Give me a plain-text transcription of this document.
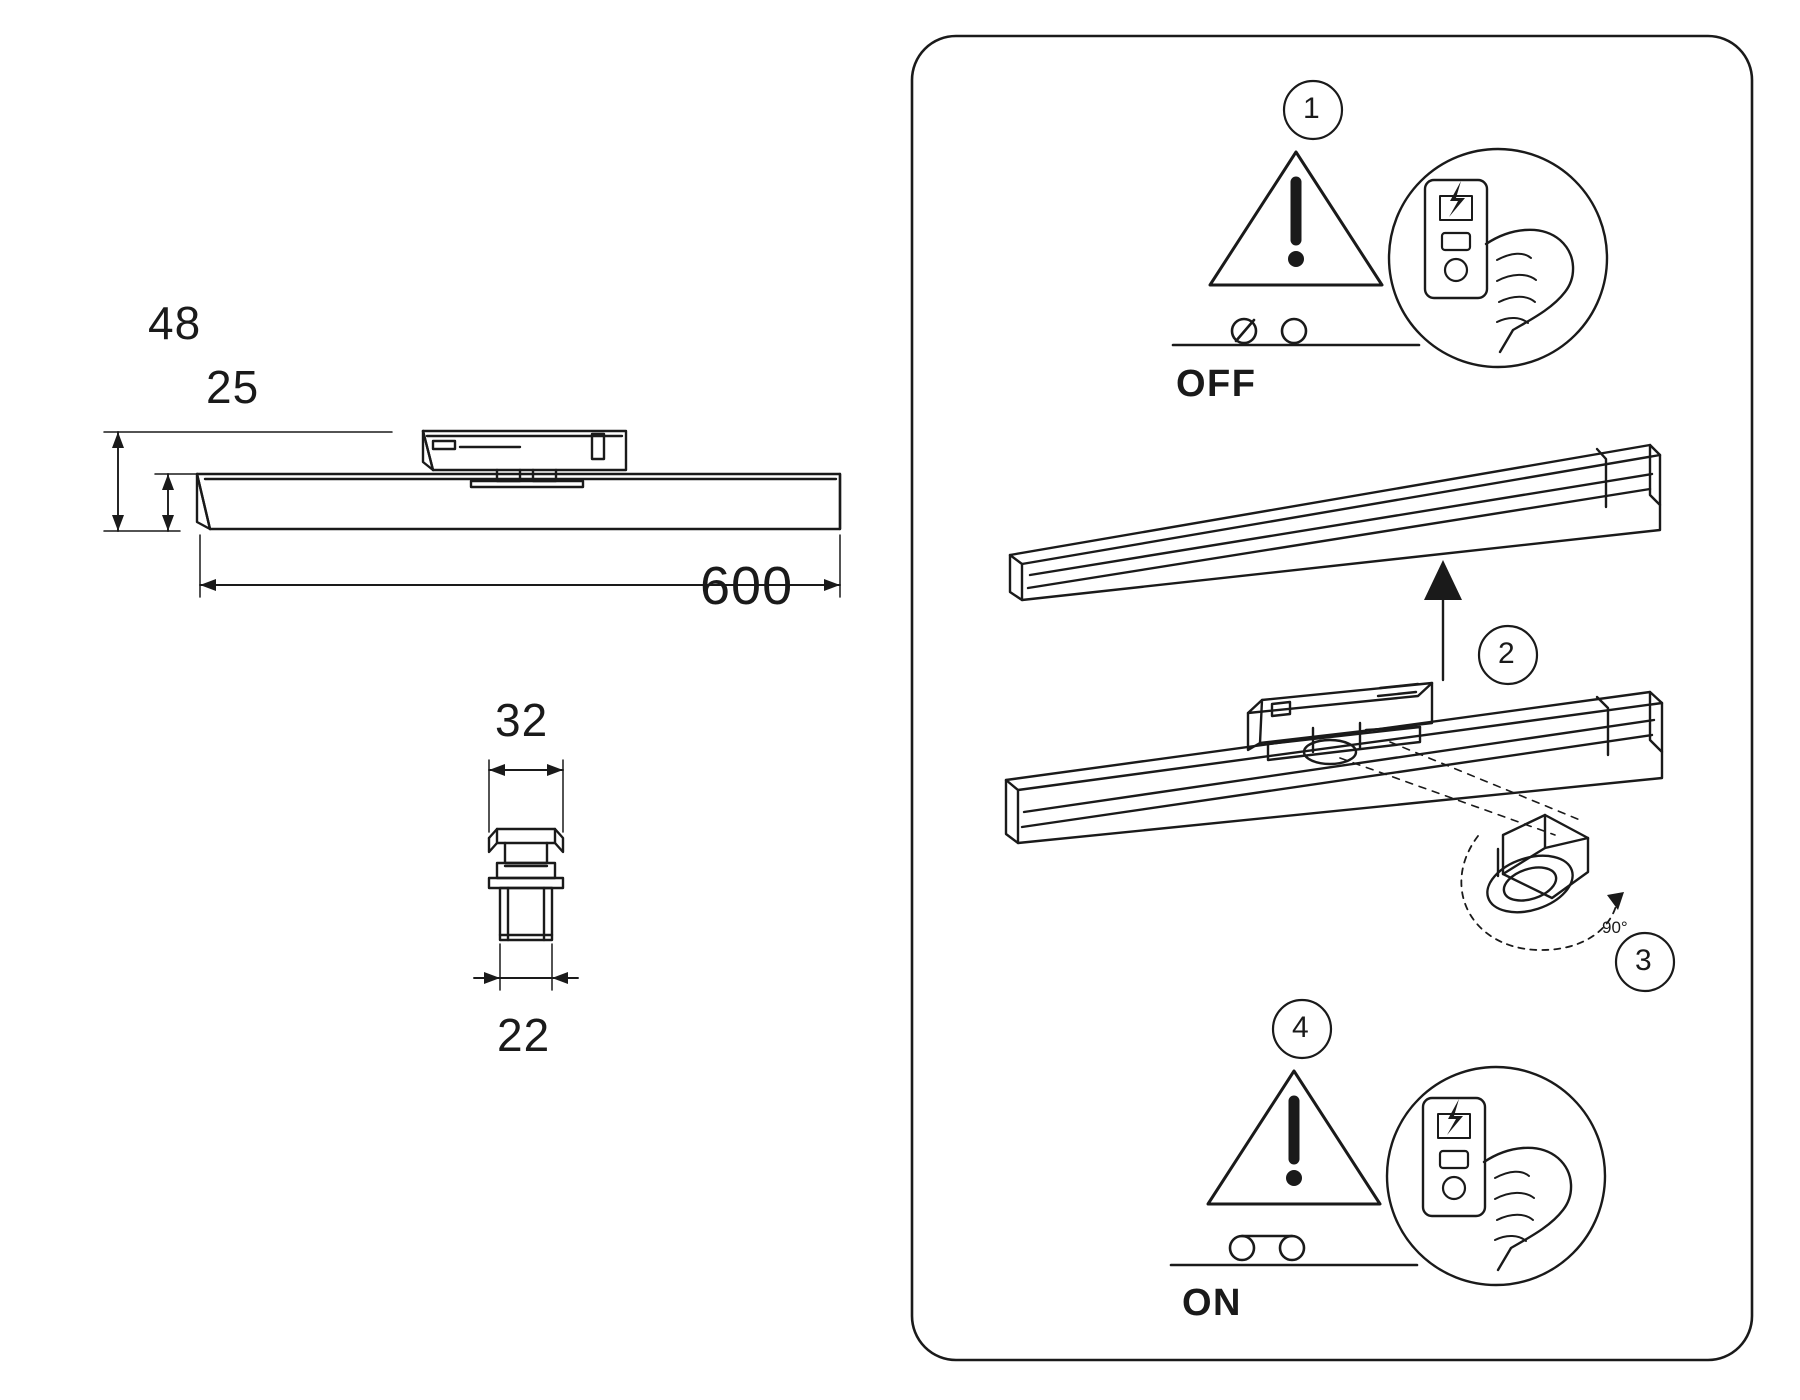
48
25
600
32
22
1
OFF
2
90°
3
4
ON
